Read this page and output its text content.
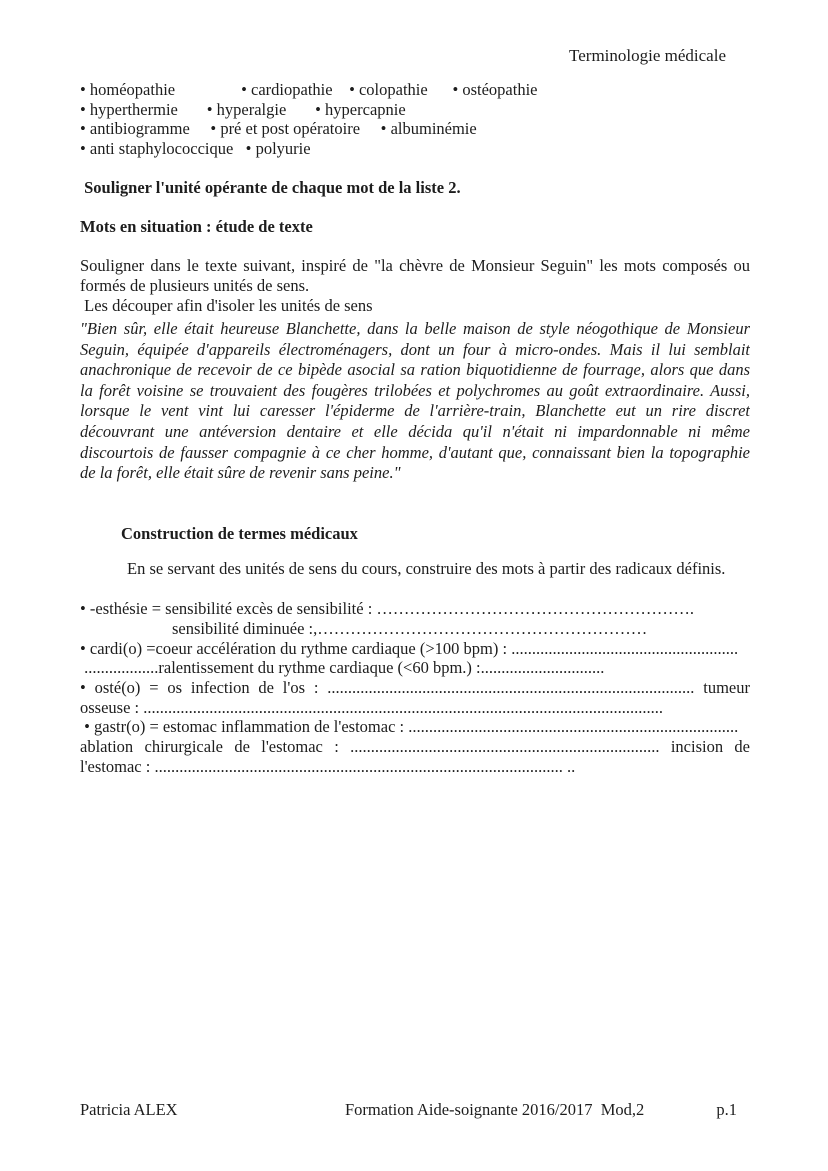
Terminologie médicale
• homéopathie                • cardiopathie    • colopathie      • ostéopathie
• hyperthermie       • hyperalgie       • hypercapnie
• antibiogramme     • pré et post opératoire     • albuminémie
• anti staphylococcique   • polyurie
Souligner l'unité opérante de chaque mot de la liste 2.
Mots en situation : étude de texte
Souligner dans le texte suivant, inspiré de "la chèvre de Monsieur Seguin" les mots composés ou
formés de plusieurs unités de sens.
Les découper afin d'isoler les unités de sens
"Bien sûr, elle était heureuse Blanchette, dans la belle maison de style néogothique de Monsieur
Seguin, équipée d'appareils électroménagers, dont un four à micro-ondes. Mais il lui semblait
anachronique de recevoir de ce bipède asocial sa ration biquotidienne de fourrage, alors que dans
la forêt voisine se trouvaient des fougères trilobées et polychromes au goût extraordinaire. Aussi,
lorsque le vent vint lui caresser l'épiderme de l'arrière-train, Blanchette eut un rire discret
découvrant une antéversion dentaire et elle décida qu'il n'était ni impardonnable ni même
discourtois de fausser compagnie à ce cher homme, d'autant que, connaissant bien la topographie
de la forêt, elle était sûre de revenir sans peine."
Construction de termes médicaux
En se servant des unités de sens du cours, construire des mots à partir des radicaux définis.
• -esthésie = sensibilité excès de sensibilité : ………………………………………………….
sensibilité diminuée :,……………………………………………………
• cardi(o) =coeur accélération du rythme cardiaque (>100 bpm) : .......................................................
..................ralentissement du rythme cardiaque (<60 bpm.) :..............................
• osté(o) = os infection de l'os : ......................................................................................... tumeur
osseuse : ..............................................................................................................................
• gastr(o) = estomac inflammation de l'estomac : ................................................................................
ablation chirurgicale de l'estomac : ........................................................................... incision de
l'estomac : ................................................................................................... ..
Patricia ALEX	Formation Aide-soignante 2016/2017  Mod,2	p.1
